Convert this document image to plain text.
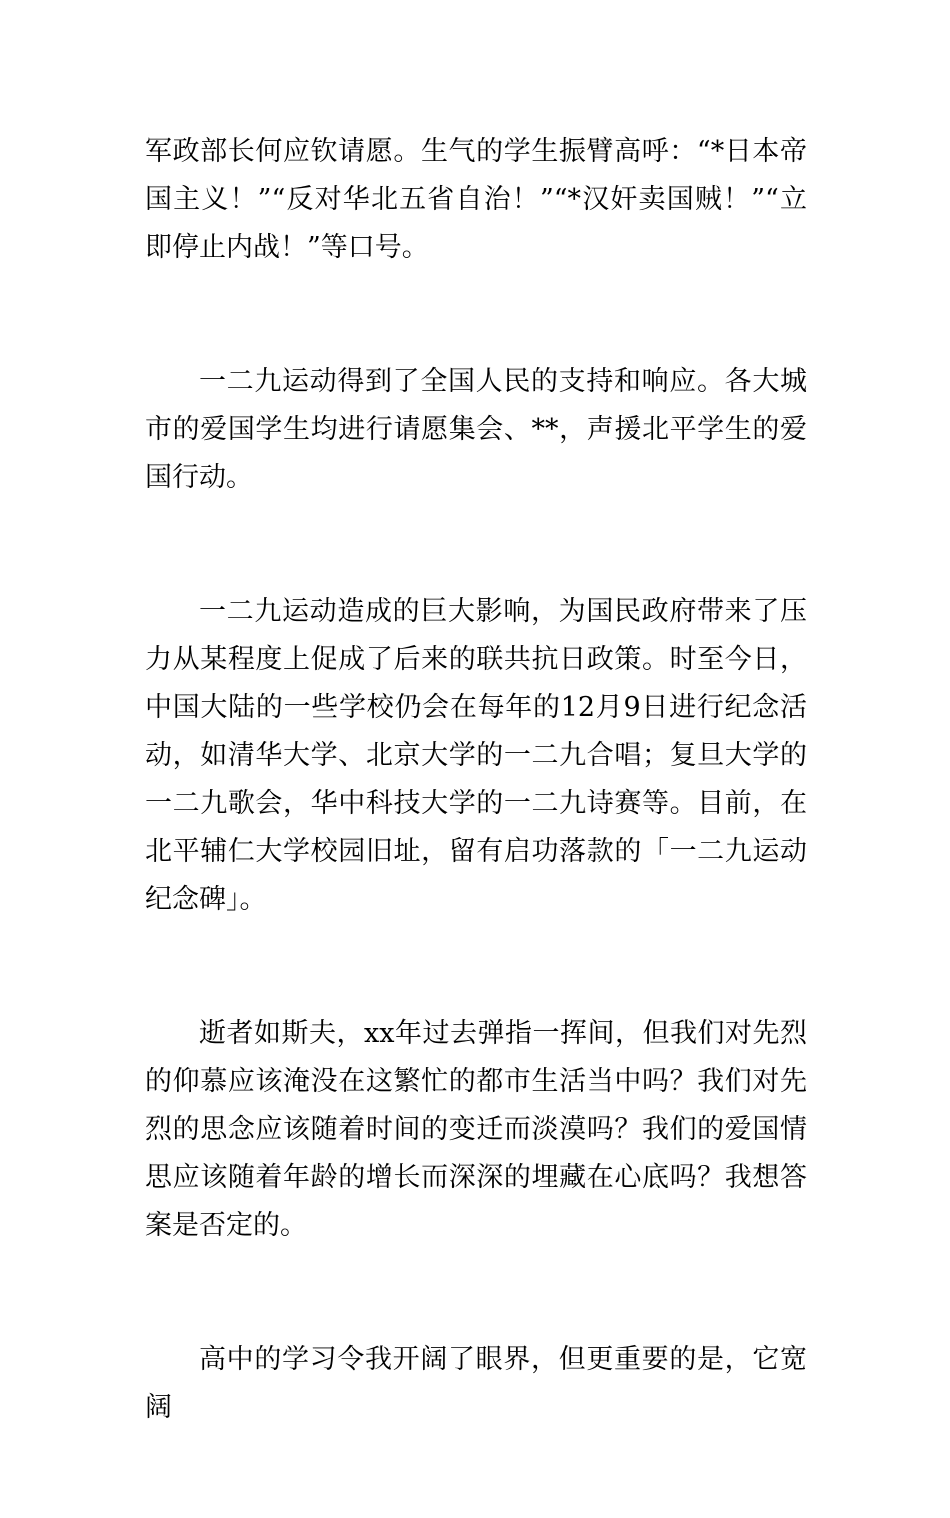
军政部长何应钦请愿。生气的学生振臂高呼：“*日本帝国主义！”“反对华北五省自治！”“*汉奸卖国贼！”“立即停止内战！”等口号。

一二九运动得到了全国人民的支持和响应。各大城市的爱国学生均进行请愿集会、**，声援北平学生的爱国行动。

一二九运动造成的巨大影响，为国民政府带来了压力从某程度上促成了后来的联共抗日政策。时至今日，中国大陆的一些学校仍会在每年的12月9日进行纪念活动，如清华大学、北京大学的一二九合唱；复旦大学的一二九歌会，华中科技大学的一二九诗赛等。目前，在北平辅仁大学校园旧址，留有启功落款的「一二九运动纪念碑」。

逝者如斯夫，xx年过去弹指一挥间，但我们对先烈的仰慕应该淹没在这繁忙的都市生活当中吗？我们对先烈的思念应该随着时间的变迁而淡漠吗？我们的爱国情思应该随着年龄的增长而深深的埋藏在心底吗？我想答案是否定的。

高中的学习令我开阔了眼界，但更重要的是，它宽阔
